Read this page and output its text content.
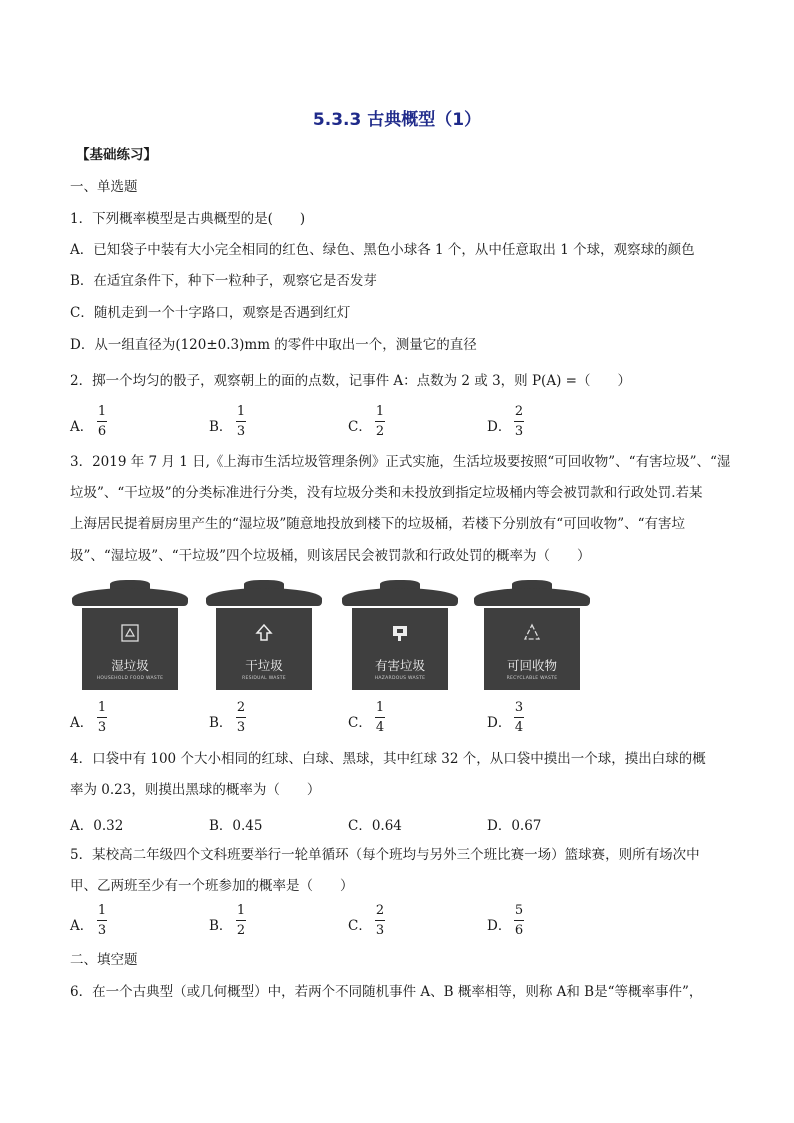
5.3.3 古典概型（1）
【基础练习】
一、单选题
1．下列概率模型是古典概型的是(　　)
A．已知袋子中装有大小完全相同的红色、绿色、黑色小球各 1 个，从中任意取出 1 个球，观察球的颜色
B．在适宜条件下，种下一粒种子，观察它是否发芽
C．随机走到一个十字路口，观察是否遇到红灯
D．从一组直径为(120±0.3)mm 的零件中取出一个，测量它的直径
2．掷一个均匀的骰子，观察朝上的面的点数，记事件 A：点数为 2 或 3，则 P(A) =（　　）
A．
1
6	B．
1
3	C．
1
2	D．
2
3
3．2019 年 7 月 1 日,《上海市生活垃圾管理条例》正式实施，生活垃圾要按照“可回收物”、“有害垃圾”、“湿
垃圾”、“干垃圾”的分类标准进行分类，没有垃圾分类和未投放到指定垃圾桶内等会被罚款和行政处罚.若某
上海居民提着厨房里产生的“湿垃圾”随意地投放到楼下的垃圾桶，若楼下分别放有“可回收物”、“有害垃
圾”、“湿垃圾”、“干垃圾”四个垃圾桶，则该居民会被罚款和行政处罚的概率为（　　）
湿垃圾
HOUSEHOLD FOOD WASTE
干垃圾
RESIDUAL WASTE
有害垃圾
HAZARDOUS WASTE
可回收物
RECYCLABLE WASTE
A．
1
3	B．
2
3	C．
1
4	D．
3
4
4．口袋中有 100 个大小相同的红球、白球、黑球，其中红球 32 个，从口袋中摸出一个球，摸出白球的概
率为 0.23，则摸出黑球的概率为（　　）
A．0.32	B．0.45	C．0.64	D．0.67
5．某校高二年级四个文科班要举行一轮单循环（每个班均与另外三个班比赛一场）篮球赛，则所有场次中
甲、乙两班至少有一个班参加的概率是（　　）
A．
1
3	B．
1
2	C．
2
3	D．
5
6
二、填空题
6．在一个古典型（或几何概型）中，若两个不同随机事件 A、B 概率相等，则称 A和 B是“等概率事件”，
